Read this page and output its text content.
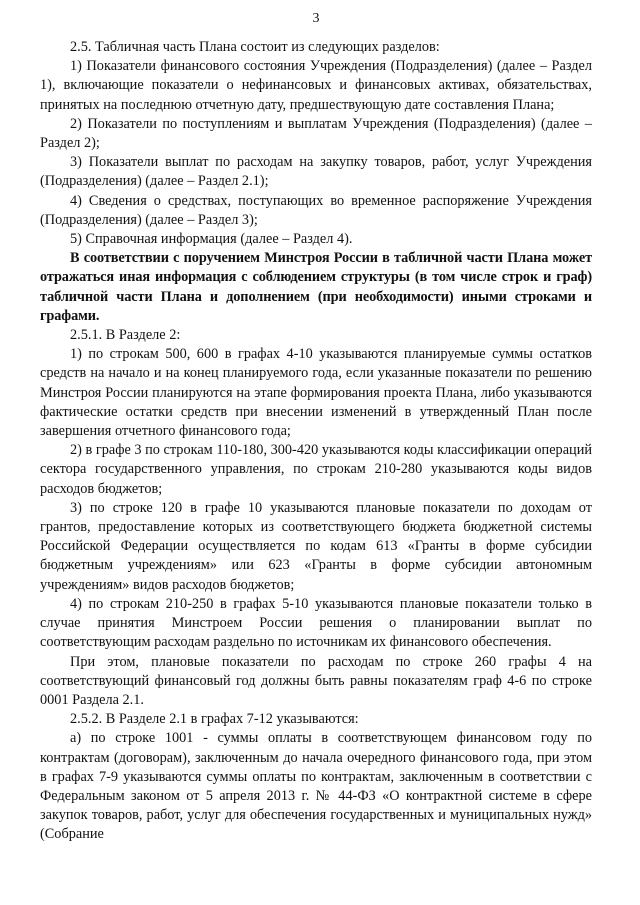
3

2.5. Табличная часть Плана состоит из следующих разделов:

1) Показатели финансового состояния Учреждения (Подразделения) (далее – Раздел 1), включающие показатели о нефинансовых и финансовых активах, обязательствах, принятых на последнюю отчетную дату, предшествующую дате составления Плана;

2) Показатели по поступлениям и выплатам Учреждения (Подразделения) (далее – Раздел 2);

3) Показатели выплат по расходам на закупку товаров, работ, услуг Учреждения (Подразделения) (далее – Раздел 2.1);

4) Сведения о средствах, поступающих во временное распоряжение Учреждения (Подразделения) (далее – Раздел 3);

5) Справочная информация (далее – Раздел 4).

В соответствии с поручением Минстроя России в табличной части Плана может отражаться иная информация с соблюдением структуры (в том числе строк и граф) табличной части Плана и дополнением (при необходимости) иными строками и графами.

2.5.1. В Разделе 2:

1) по строкам 500, 600 в графах 4-10 указываются планируемые суммы остатков средств на начало и на конец планируемого года, если указанные показатели по решению Минстроя России планируются на этапе формирования проекта Плана, либо указываются фактические остатки средств при внесении изменений в утвержденный План после завершения отчетного финансового года;

2) в графе 3 по строкам 110-180, 300-420 указываются коды классификации операций сектора государственного управления, по строкам 210-280 указываются коды видов расходов бюджетов;

3) по строке 120 в графе 10 указываются плановые показатели по доходам от грантов, предоставление которых из соответствующего бюджета бюджетной системы Российской Федерации осуществляется по кодам 613 «Гранты в форме субсидии бюджетным учреждениям» или 623 «Гранты в форме субсидии автономным учреждениям» видов расходов бюджетов;

4) по строкам 210-250 в графах 5-10 указываются плановые показатели только в случае принятия Минстроем России решения о планировании выплат по соответствующим расходам раздельно по источникам их финансового обеспечения.

При этом, плановые показатели по расходам по строке 260 графы 4 на соответствующий финансовый год должны быть равны показателям граф 4-6 по строке 0001 Раздела 2.1.

2.5.2. В Разделе 2.1 в графах 7-12 указываются:

а) по строке 1001 - суммы оплаты в соответствующем финансовом году по контрактам (договорам), заключенным до начала очередного финансового года, при этом в графах 7-9 указываются суммы оплаты по контрактам, заключенным в соответствии с Федеральным законом от 5 апреля 2013 г. № 44-ФЗ «О контрактной системе в сфере закупок товаров, работ, услуг для обеспечения государственных и муниципальных нужд» (Собрание
